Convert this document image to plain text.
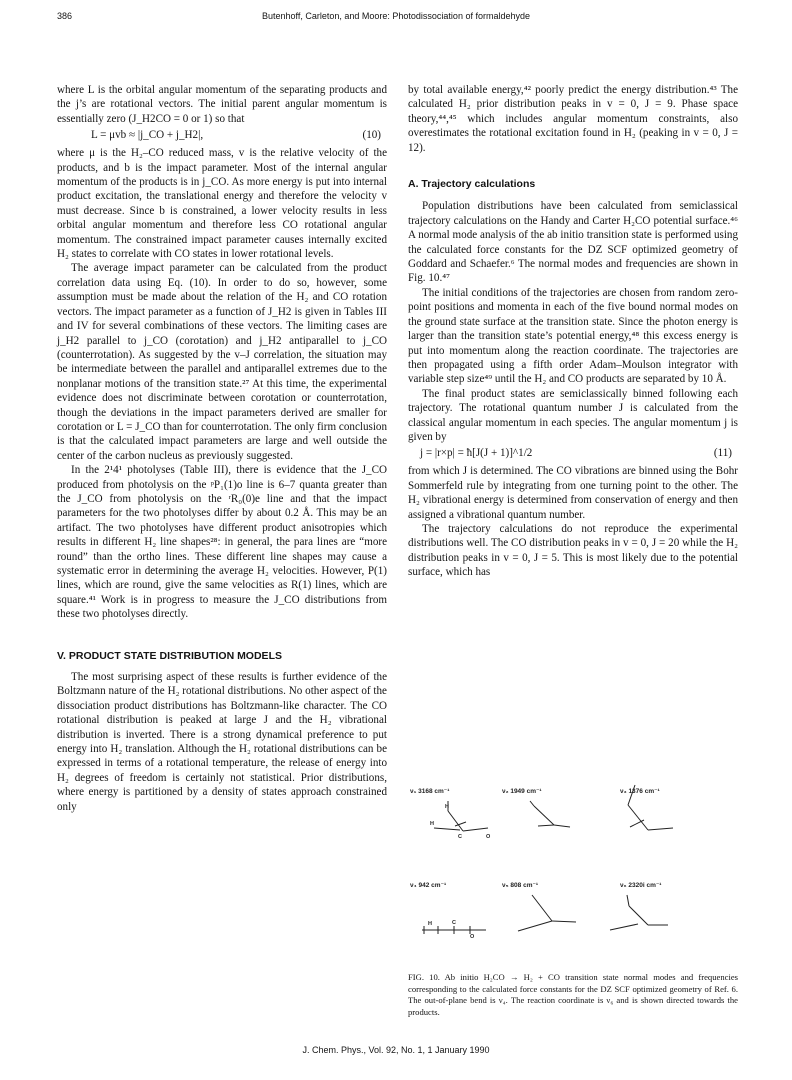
386	Butenhoff, Carleton, and Moore: Photodissociation of formaldehyde

where L is the orbital angular momentum of the separating products and the j’s are rotational vectors. The initial parent angular momentum is essentially zero (J_H2CO = 0 or 1) so that

L = μvb ≈ |j_CO + j_H2|,	(10)

where μ is the H₂–CO reduced mass, v is the relative velocity of the products, and b is the impact parameter. Most of the internal angular momentum of the products is in j_CO. As more energy is put into internal product excitation, the translational energy and therefore the velocity v must decrease. Since b is constrained, a lower velocity results in less orbital angular momentum and therefore less CO rotational angular momentum. The constrained impact parameter causes internally excited H₂ states to correlate with CO states in lower rotational levels.

The average impact parameter can be calculated from the product correlation data using Eq. (10). In order to do so, however, some assumption must be made about the relation of the H₂ and CO rotation vectors. The impact parameter as a function of J_H2 is given in Tables III and IV for several combinations of these vectors. The limiting cases are j_H2 parallel to j_CO (corotation) and j_H2 antiparallel to j_CO (counterrotation). As suggested by the v–J correlation, the situation may be intermediate between the parallel and antiparallel extremes due to the nonplanar motions of the transition state.²⁷ At this time, the experimental evidence does not discriminate between corotation or counterrotation, though the deviations in the impact parameters derived are smaller for corotation or L = J_CO than for counterrotation. The only firm conclusion is that the calculated impact parameters are large and well outside the center of the carbon nucleus as previously suggested.

In the 2¹4¹ photolyses (Table III), there is evidence that the J_CO produced from photolysis on the ᵖP₁(1)o line is 6–7 quanta greater than the J_CO from photolysis on the ʳR₀(0)e line and that the impact parameters for the two photolyses differ by about 0.2 Å. This may be an artifact. The two photolyses have different product anisotropies which results in different H₂ line shapes²⁸: in general, the para lines are “more round” than the ortho lines. These different line shapes may cause a systematic error in determining the average H₂ velocities. However, P(1) lines, which are round, give the same velocities as R(1) lines, which are square.⁴¹ Work is in progress to measure the J_CO distributions from these two photolyses directly.

V. PRODUCT STATE DISTRIBUTION MODELS

The most surprising aspect of these results is further evidence of the Boltzmann nature of the H₂ rotational distributions. No other aspect of the dissociation product distributions has Boltzmann-like character. The CO rotational distribution is peaked at large J and the H₂ vibrational distribution is inverted. There is a strong dynamical preference to put energy into H₂ translation. Although the H₂ rotational distributions can be expressed in terms of a rotational temperature, the release of energy into H₂ degrees of freedom is certainly not statistical. Prior distributions, where energy is partitioned by a density of states approach constrained only

by total available energy,⁴² poorly predict the energy distribution.⁴³ The calculated H₂ prior distribution peaks in v = 0, J = 9. Phase space theory,⁴⁴,⁴⁵ which includes angular momentum constraints, also overestimates the rotational excitation found in H₂ (peaking in v = 0, J = 12).

A. Trajectory calculations

Population distributions have been calculated from semiclassical trajectory calculations on the Handy and Carter H₂CO potential surface.⁴⁶ A normal mode analysis of the ab initio transition state is performed using the calculated force constants for the DZ SCF optimized geometry of Goddard and Schaefer.⁶ The normal modes and frequencies are shown in Fig. 10.⁴⁷

The initial conditions of the trajectories are chosen from random zero-point positions and momenta in each of the five bound normal modes on the ground state surface at the transition state. Since the photon energy is larger than the transition state’s potential energy,⁴⁸ this excess energy is put into momentum along the reaction coordinate. The trajectories are then propagated using a fifth order Adam–Moulson integrator with variable step size⁴⁹ until the H₂ and CO products are separated by 10 Å.

The final product states are semiclassically binned following each trajectory. The rotational quantum number J is calculated from the classical angular momentum in each species. The angular momentum j is given by

j = |r×p| = ħ[J(J + 1)]^1/2	(11)

from which J is determined. The CO vibrations are binned using the Bohr Sommerfeld rule by integrating from one turning point to the other. The H₂ vibrational energy is determined from conservation of energy and then assigned a vibrational quantum number.

The trajectory calculations do not reproduce the experimental distributions well. The CO distribution peaks in v = 0, J = 20 while the H₂ distribution peaks in v = 0, J = 5. This is most likely due to the potential surface, which has

ν₁ 3168 cm⁻¹	ν₂ 1949 cm⁻¹	ν₃ 1376 cm⁻¹
ν₄ 942 cm⁻¹	ν₅ 808 cm⁻¹	ν₆ 2320i cm⁻¹
H
H
C	O
H	C
O

FIG. 10. Ab initio H₂CO → H₂ + CO transition state normal modes and frequencies corresponding to the calculated force constants for the DZ SCF optimized geometry of Ref. 6. The out-of-plane bend is ν₄. The reaction coordinate is ν₆ and is shown directed towards the products.

J. Chem. Phys., Vol. 92, No. 1, 1 January 1990
